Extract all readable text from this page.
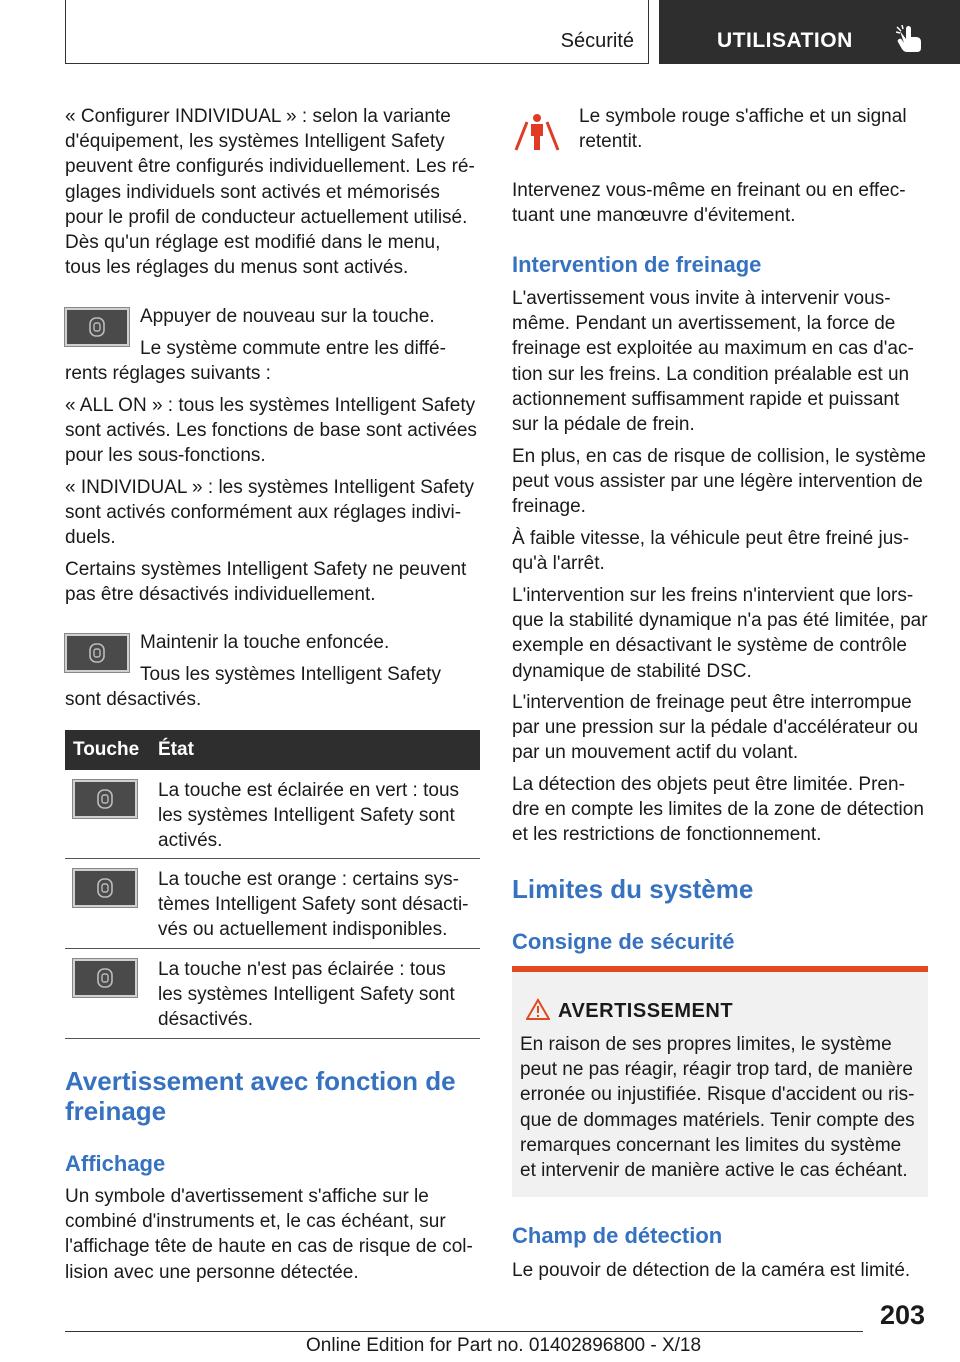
Sécurité	UTILISATION

« Configurer INDIVIDUAL » : selon la variante
d'équipement, les systèmes Intelligent Safety
peuvent être configurés individuellement. Les ré-
glages individuels sont activés et mémorisés
pour le profil de conducteur actuellement utilisé.
Dès qu'un réglage est modifié dans le menu,
tous les réglages du menus sont activés.

Appuyer de nouveau sur la touche.

Le système commute entre les diffé-

rents réglages suivants :

« ALL ON » : tous les systèmes Intelligent Safety
sont activés. Les fonctions de base sont activées
pour les sous-fonctions.

« INDIVIDUAL » : les systèmes Intelligent Safety
sont activés conformément aux réglages indivi-
duels.

Certains systèmes Intelligent Safety ne peuvent
pas être désactivés individuellement.

Maintenir la touche enfoncée.

Tous les systèmes Intelligent Safety

sont désactivés.

Touche État
La touche est éclairée en vert : tous
les systèmes Intelligent Safety sont
activés.
La touche est orange : certains sys-
tèmes Intelligent Safety sont désacti-
vés ou actuellement indisponibles.
La touche n'est pas éclairée : tous
les systèmes Intelligent Safety sont
désactivés.
Avertissement avec fonction de
freinage
Affichage

Un symbole d'avertissement s'affiche sur le
combiné d'instruments et, le cas échéant, sur
l'affichage tête de haute en cas de risque de col-
lision avec une personne détectée.

Le symbole rouge s'affiche et un signal

retentit.

Intervenez vous-même en freinant ou en effec-
tuant une manœuvre d'évitement.

Intervention de freinage

L'avertissement vous invite à intervenir vous-
même. Pendant un avertissement, la force de
freinage est exploitée au maximum en cas d'ac-
tion sur les freins. La condition préalable est un
actionnement suffisamment rapide et puissant
sur la pédale de frein.

En plus, en cas de risque de collision, le système
peut vous assister par une légère intervention de
freinage.

À faible vitesse, la véhicule peut être freiné jus-
qu'à l'arrêt.

L'intervention sur les freins n'intervient que lors-
que la stabilité dynamique n'a pas été limitée, par
exemple en désactivant le système de contrôle
dynamique de stabilité DSC.

L'intervention de freinage peut être interrompue
par une pression sur la pédale d'accélérateur ou
par un mouvement actif du volant.

La détection des objets peut être limitée. Pren-
dre en compte les limites de la zone de détection
et les restrictions de fonctionnement.

Limites du système
Consigne de sécurité
AVERTISSEMENT
En raison de ses propres limites, le système
peut ne pas réagir, réagir trop tard, de manière
erronée ou injustifiée. Risque d'accident ou ris-
que de dommages matériels. Tenir compte des
remarques concernant les limites du système
et intervenir de manière active le cas échéant.
Champ de détection

Le pouvoir de détection de la caméra est limité.

203
Online Edition for Part no. 01402896800 - X/18
